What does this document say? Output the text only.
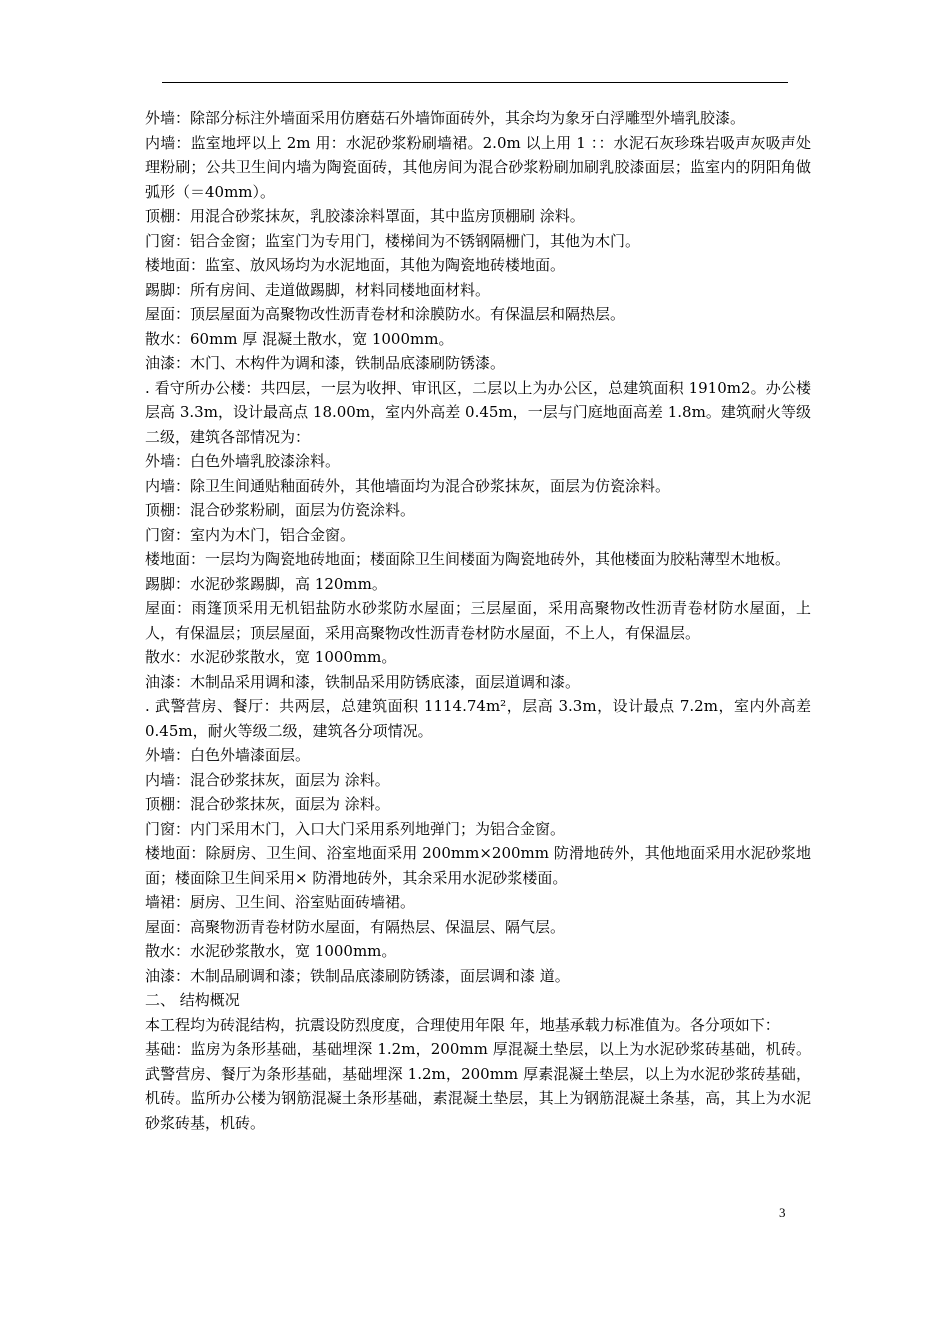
外墙：除部分标注外墙面采用仿磨菇石外墙饰面砖外，其余均为象牙白浮雕型外墙乳胶漆。

内墙：监室地坪以上 2m 用：水泥砂浆粉刷墙裙。2.0m 以上用 1 ：：水泥石灰珍珠岩吸声灰吸声处理粉刷；公共卫生间内墙为陶瓷面砖，其他房间为混合砂浆粉刷加刷乳胶漆面层；监室内的阴阳角做弧形（＝40mm）。

顶棚：用混合砂浆抹灰，乳胶漆涂料罩面，其中监房顶棚刷 涂料。

门窗：铝合金窗；监室门为专用门，楼梯间为不锈钢隔栅门，其他为木门。

楼地面：监室、放风场均为水泥地面，其他为陶瓷地砖楼地面。

踢脚：所有房间、走道做踢脚，材料同楼地面材料。

屋面：顶层屋面为高聚物改性沥青卷材和涂膜防水。有保温层和隔热层。

散水：60mm 厚 混凝土散水，宽 1000mm。

油漆：木门、木构件为调和漆，铁制品底漆刷防锈漆。

. 看守所办公楼：共四层，一层为收押、审讯区，二层以上为办公区，总建筑面积 1910m2。办公楼层高 3.3m，设计最高点 18.00m，室内外高差 0.45m，一层与门庭地面高差 1.8m。建筑耐火等级二级，建筑各部情况为：

外墙：白色外墙乳胶漆涂料。

内墙：除卫生间通贴釉面砖外，其他墙面均为混合砂浆抹灰，面层为仿瓷涂料。

顶棚：混合砂浆粉刷，面层为仿瓷涂料。

门窗：室内为木门，铝合金窗。

楼地面：一层均为陶瓷地砖地面；楼面除卫生间楼面为陶瓷地砖外，其他楼面为胶粘薄型木地板。

踢脚：水泥砂浆踢脚，高 120mm。

屋面：雨篷顶采用无机铝盐防水砂浆防水屋面；三层屋面，采用高聚物改性沥青卷材防水屋面，上人，有保温层；顶层屋面，采用高聚物改性沥青卷材防水屋面，不上人，有保温层。

散水：水泥砂浆散水，宽 1000mm。

油漆：木制品采用调和漆，铁制品采用防锈底漆，面层道调和漆。

. 武警营房、餐厅：共两层，总建筑面积 1114.74m²，层高 3.3m，设计最点 7.2m，室内外高差 0.45m，耐火等级二级，建筑各分项情况。

外墙：白色外墙漆面层。

内墙：混合砂浆抹灰，面层为 涂料。

顶棚：混合砂浆抹灰，面层为 涂料。

门窗：内门采用木门，入口大门采用系列地弹门；为铝合金窗。

楼地面：除厨房、卫生间、浴室地面采用 200mm×200mm 防滑地砖外，其他地面采用水泥砂浆地面；楼面除卫生间采用× 防滑地砖外，其余采用水泥砂浆楼面。

墙裙：厨房、卫生间、浴室贴面砖墙裙。

屋面：高聚物沥青卷材防水屋面，有隔热层、保温层、隔气层。

散水：水泥砂浆散水，宽 1000mm。

油漆：木制品刷调和漆；铁制品底漆刷防锈漆，面层调和漆 道。

二、 结构概况

本工程均为砖混结构，抗震设防烈度度，合理使用年限 年，地基承载力标准值为。各分项如下：

基础：监房为条形基础，基础埋深 1.2m，200mm 厚混凝土垫层，以上为水泥砂浆砖基础，机砖。武警营房、餐厅为条形基础，基础埋深 1.2m，200mm 厚素混凝土垫层，以上为水泥砂浆砖基础，机砖。监所办公楼为钢筋混凝土条形基础，素混凝土垫层，其上为钢筋混凝土条基，高，其上为水泥砂浆砖基，机砖。

3
